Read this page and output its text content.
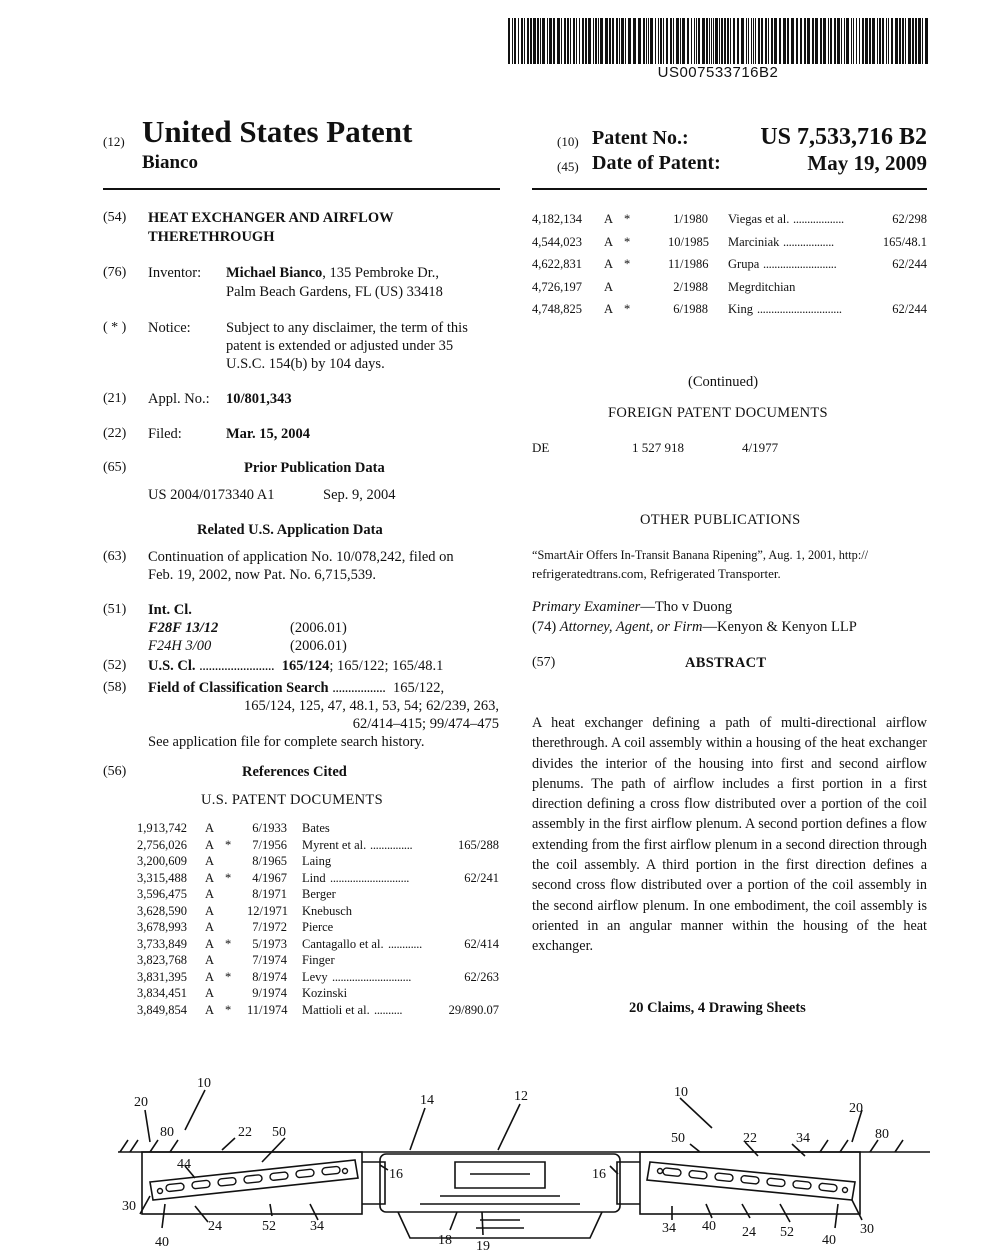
US007533716B2
(12) United States Patent
Bianco
(10) Patent No.:	US 7,533,716 B2
(45) Date of Patent:	May 19, 2009
(54) HEAT EXCHANGER AND AIRFLOW
THERETHROUGH
(76) Inventor: Michael Bianco, 135 Pembroke Dr.,
Palm Beach Gardens, FL (US) 33418
( * ) Notice: Subject to any disclaimer, the term of this
patent is extended or adjusted under 35
U.S.C. 154(b) by 104 days.
(21) Appl. No.: 10/801,343
(22) Filed:	Mar. 15, 2004
(65)	Prior Publication Data
US 2004/0173340 A1	Sep. 9, 2004
Related U.S. Application Data
(63) Continuation of application No. 10/078,242, filed on
Feb. 19, 2002, now Pat. No. 6,715,539.
(51) Int. Cl.
F28F 13/12	(2006.01)
F24H 3/00	(2006.01)
(52) U.S. Cl. ........................ 165/124; 165/122; 165/48.1
(58) Field of Classification Search ................. 165/122,
165/124, 125, 47, 48.1, 53, 54; 62/239, 263,
62/414–415; 99/474–475
See application file for complete search history.
(56)	References Cited
U.S. PATENT DOCUMENTS
1,913,742 A	6/1933 Bates
2,756,026 A *	7/1956 Myrent et al. ...............	165/288
3,200,609 A	8/1965 Laing
3,315,488 A *	4/1967 Lind ............................	62/241
3,596,475 A	8/1971 Berger
3,628,590 A	12/1971 Knebusch
3,678,993 A	7/1972 Pierce
3,733,849 A *	5/1973 Cantagallo et al. ............	62/414
3,823,768 A	7/1974 Finger
3,831,395 A *	8/1974 Levy ............................	62/263
3,834,451 A	9/1974 Kozinski
3,849,854 A * 11/1974 Mattioli et al. ..........	29/890.07
4,182,134 A *	1/1980 Viegas et al. ..................	62/298
4,544,023 A *	10/1985 Marciniak ..................	165/48.1
4,622,831 A *	11/1986 Grupa ..........................	62/244
4,726,197 A	2/1988 Megrditchian
4,748,825 A *	6/1988 King ..............................	62/244
(Continued)
FOREIGN PATENT DOCUMENTS
DE	1 527 918	4/1977
OTHER PUBLICATIONS
“SmartAir Offers In-Transit Banana Ripening”, Aug. 1, 2001, http://
refrigeratedtrans.com, Refrigerated Transporter.
Primary Examiner—Tho v Duong
(74) Attorney, Agent, or Firm—Kenyon & Kenyon LLP
(57)	ABSTRACT
A heat exchanger defining a path of multi-directional airflow therethrough. A coil assembly within a housing of the heat exchanger divides the interior of the housing into first and second airflow plenums. The path of airflow includes a first portion in a first direction defining a cross flow distributed over a portion of the coil assembly in the first airflow plenum. A second portion defines a flow extending from the first airflow plenum in a second direction through the coil assembly. A third portion in the first direction defines a second cross flow distributed over a portion of the coil assembly in the second airflow plenum. In one embodiment, the coil assembly is oriented in an angular manner within the housing of the heat exchanger.
20 Claims, 4 Drawing Sheets
10
20
80	22 50
44
30
40
24	52 34
16
14	12
18 19
10
20
80
50	22	34
16
34 40 24 52
40
30
